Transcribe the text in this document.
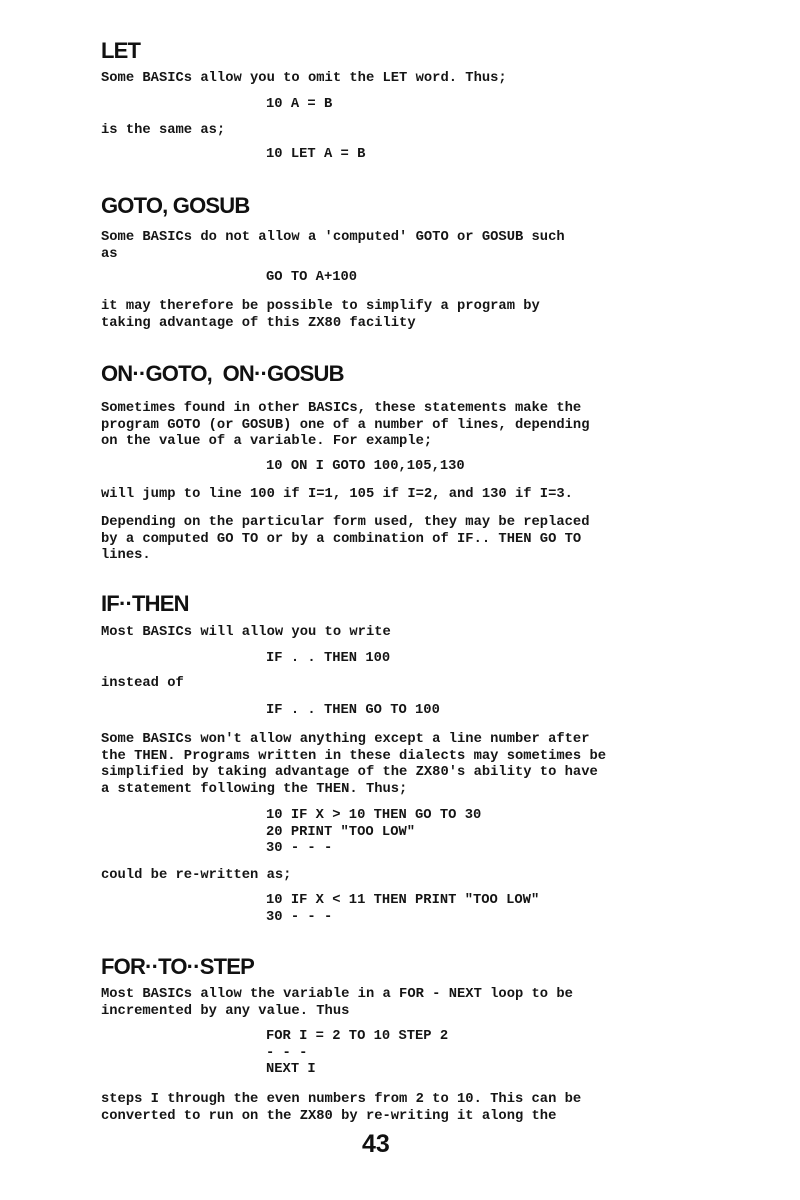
LET
Some BASICs allow you to omit the LET word. Thus;
10 A = B
is the same as;
10 LET A = B
GOTO, GOSUB
Some BASICs do not allow a 'computed' GOTO or GOSUB such
as
GO TO A+100
it may therefore be possible to simplify a program by
taking advantage of this ZX80 facility
ON··GOTO,  ON··GOSUB
Sometimes found in other BASICs, these statements make the
program GOTO (or GOSUB) one of a number of lines, depending
on the value of a variable. For example;
10 ON I GOTO 100,105,130
will jump to line 100 if I=1, 105 if I=2, and 130 if I=3.
Depending on the particular form used, they may be replaced
by a computed GO TO or by a combination of IF.. THEN GO TO
lines.
IF··THEN
Most BASICs will allow you to write
IF . . THEN 100
instead of
IF . . THEN GO TO 100
Some BASICs won't allow anything except a line number after
the THEN. Programs written in these dialects may sometimes be
simplified by taking advantage of the ZX80's ability to have
a statement following the THEN. Thus;
10 IF X > 10 THEN GO TO 30
20 PRINT "TOO LOW"
30 - - -
could be re-written as;
10 IF X < 11 THEN PRINT "TOO LOW"
30 - - -
FOR··TO··STEP
Most BASICs allow the variable in a FOR - NEXT loop to be
incremented by any value. Thus
FOR I = 2 TO 10 STEP 2
- - -
NEXT I
steps I through the even numbers from 2 to 10. This can be
converted to run on the ZX80 by re-writing it along the
43
